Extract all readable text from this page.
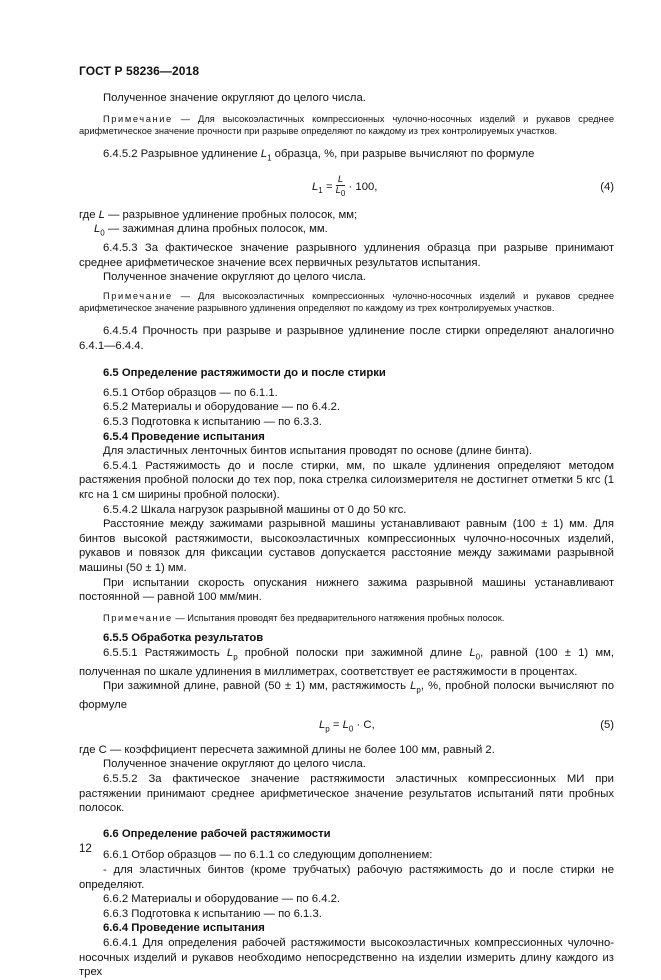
ГОСТ Р 58236—2018

Полученное значение округляют до целого числа.

Примечание — Для высокоэластичных компрессионных чулочно-носочных изделий и рукавов среднее арифметическое значение прочности при разрыве определяют по каждому из трех контролируемых участков.

6.4.5.2 Разрывное удлинение $L_1$ образца, %, при разрыве вычисляют по формуле

$L_1 = \frac{L}{L_0} \cdot 100$,	(4)

где L — разрывное удлинение пробных полосок, мм;

$L_0$ — зажимная длина пробных полосок, мм.

6.4.5.3 За фактическое значение разрывного удлинения образца при разрыве принимают среднее арифметическое значение всех первичных результатов испытания.

Полученное значение округляют до целого числа.

Примечание — Для высокоэластичных компрессионных чулочно-носочных изделий и рукавов среднее арифметическое значение разрывного удлинения определяют по каждому из трех контролируемых участков.

6.4.5.4 Прочность при разрыве и разрывное удлинение после стирки определяют аналогично 6.4.1—6.4.4.

6.5 Определение растяжимости до и после стирки

6.5.1 Отбор образцов — по 6.1.1.

6.5.2 Материалы и оборудование — по 6.4.2.

6.5.3 Подготовка к испытанию — по 6.3.3.

6.5.4 Проведение испытания

Для эластичных ленточных бинтов испытания проводят по основе (длине бинта).

6.5.4.1 Растяжимость до и после стирки, мм, по шкале удлинения определяют методом растяжения пробной полоски до тех пор, пока стрелка силоизмерителя не достигнет отметки 5 кгс (1 кгс на 1 см ширины пробной полоски).

6.5.4.2 Шкала нагрузок разрывной машины от 0 до 50 кгс.

Расстояние между зажимами разрывной машины устанавливают равным (100 ± 1) мм. Для бинтов высокой растяжимости, высокоэластичных компрессионных чулочно-носочных изделий, рукавов и повязок для фиксации суставов допускается расстояние между зажимами разрывной машины (50 ± 1) мм.

При испытании скорость опускания нижнего зажима разрывной машины устанавливают постоянной — равной 100 мм/мин.

Примечание — Испытания проводят без предварительного натяжения пробных полосок.

6.5.5 Обработка результатов

6.5.5.1 Растяжимость $L_р$ пробной полоски при зажимной длине $L_0$, равной (100 ± 1) мм, полученная по шкале удлинения в миллиметрах, соответствует ее растяжимости в процентах.

При зажимной длине, равной (50 ± 1) мм, растяжимость $L_р$, %, пробной полоски вычисляют по формуле

$L_р = L_0 \cdot С$,	(5)

где С — коэффициент пересчета зажимной длины не более 100 мм, равный 2.

Полученное значение округляют до целого числа.

6.5.5.2 За фактическое значение растяжимости эластичных компрессионных МИ при растяжении принимают среднее арифметическое значение результатов испытаний пяти пробных полосок.

6.6 Определение рабочей растяжимости

6.6.1 Отбор образцов — по 6.1.1 со следующим дополнением:

- для эластичных бинтов (кроме трубчатых) рабочую растяжимость до и после стирки не определяют.

6.6.2 Материалы и оборудование — по 6.4.2.

6.6.3 Подготовка к испытанию — по 6.1.3.

6.6.4 Проведение испытания

6.6.4.1 Для определения рабочей растяжимости высокоэластичных компрессионных чулочно-носочных изделий и рукавов необходимо непосредственно на изделии измерить длину каждого из трех

12
